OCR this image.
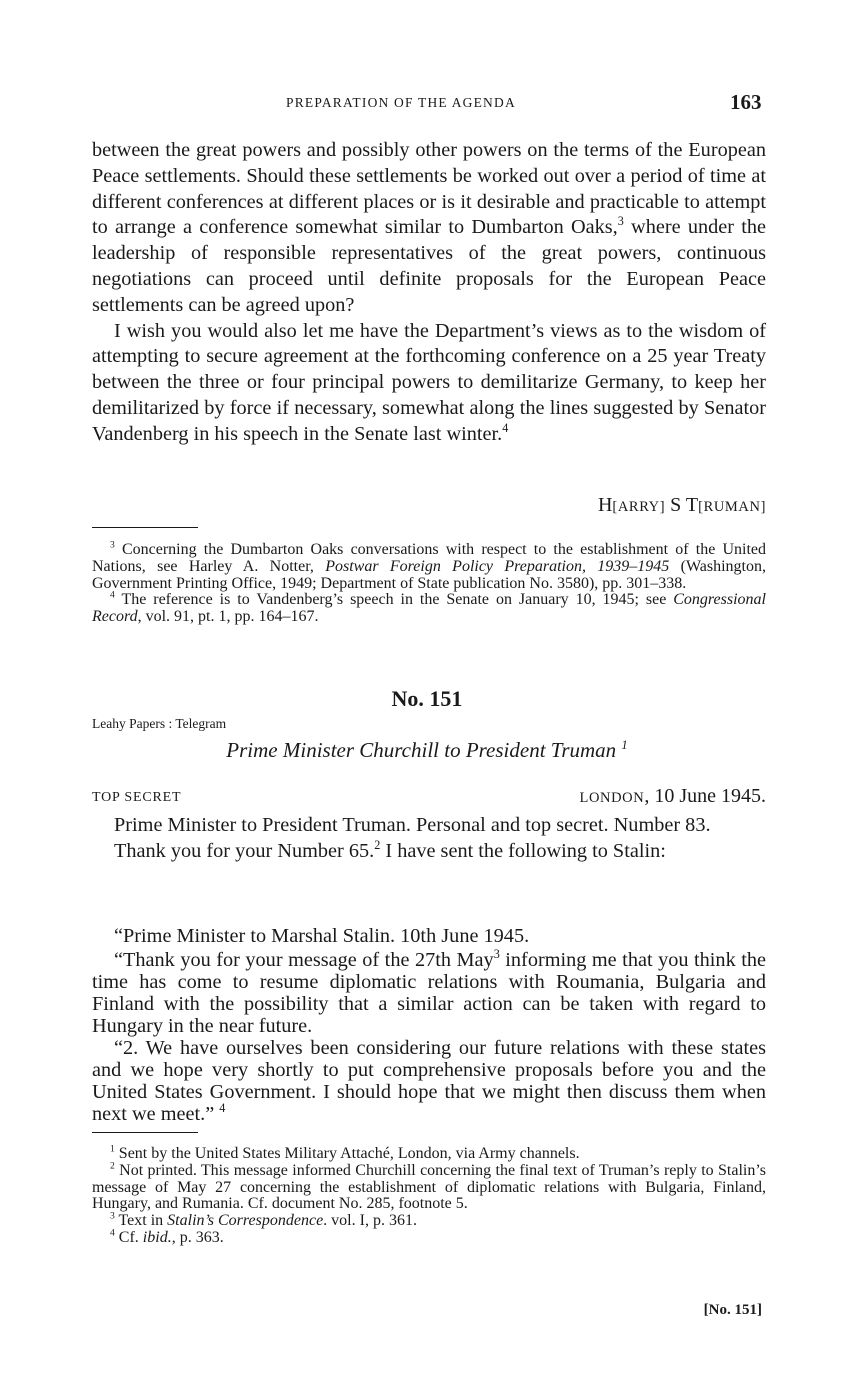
PREPARATION OF THE AGENDA	163

between the great powers and possibly other powers on the terms of the European Peace settlements. Should these settlements be worked out over a period of time at different conferences at different places or is it desirable and practicable to attempt to arrange a conference somewhat similar to Dumbarton Oaks,$^3$ where under the leadership of responsible representatives of the great powers, continuous negotiations can proceed until definite proposals for the European Peace settlements can be agreed upon?

I wish you would also let me have the Department’s views as to the wisdom of attempting to secure agreement at the forthcoming conference on a 25 year Treaty between the three or four principal powers to demilitarize Germany, to keep her demilitarized by force if necessary, somewhat along the lines suggested by Senator Vandenberg in his speech in the Senate last winter.$^4$

H[ARRY] S T[RUMAN]

$^3$ Concerning the Dumbarton Oaks conversations with respect to the establishment of the United Nations, see Harley A. Notter, Postwar Foreign Policy Preparation, 1939–1945 (Washington, Government Printing Office, 1949; Department of State publication No. 3580), pp. 301–338.

$^4$ The reference is to Vandenberg’s speech in the Senate on January 10, 1945; see Congressional Record, vol. 91, pt. 1, pp. 164–167.

No. 151
Leahy Papers : Telegram
Prime Minister Churchill to President Truman $^1$
TOP SECRET	LONDON, 10 June 1945.

Prime Minister to President Truman. Personal and top secret. Number 83.

Thank you for your Number 65.$^2$ I have sent the following to Stalin:

“Prime Minister to Marshal Stalin. 10th June 1945.

“Thank you for your message of the 27th May$^3$ informing me that you think the time has come to resume diplomatic relations with Roumania, Bulgaria and Finland with the possibility that a similar action can be taken with regard to Hungary in the near future.

“2. We have ourselves been considering our future relations with these states and we hope very shortly to put comprehensive proposals before you and the United States Government. I should hope that we might then discuss them when next we meet.” $^4$

$^1$ Sent by the United States Military Attaché, London, via Army channels.

$^2$ Not printed. This message informed Churchill concerning the final text of Truman’s reply to Stalin’s message of May 27 concerning the establishment of diplomatic relations with Bulgaria, Finland, Hungary, and Rumania. Cf. document No. 285, footnote 5.

$^3$ Text in Stalin’s Correspondence. vol. I, p. 361.

$^4$ Cf. ibid., p. 363.

[No. 151]
